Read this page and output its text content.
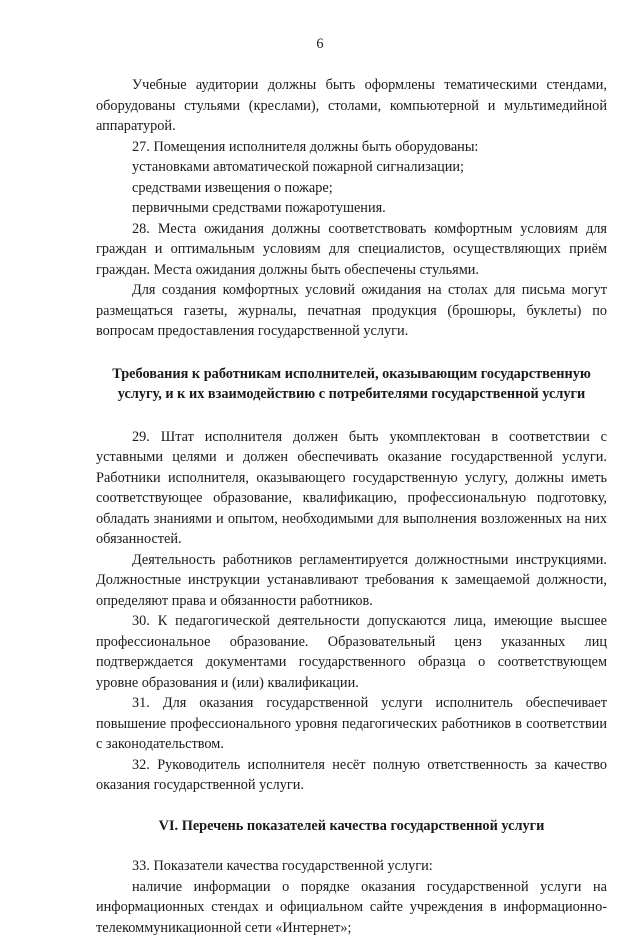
6

Учебные аудитории должны быть оформлены тематическими стендами, оборудованы стульями (креслами), столами, компьютерной и мультимедийной аппаратурой.

27. Помещения исполнителя должны быть оборудованы:

установками автоматической пожарной сигнализации;

средствами извещения о пожаре;

первичными средствами пожаротушения.

28. Места ожидания должны соответствовать комфортным условиям для граждан и оптимальным условиям для специалистов, осуществляющих приём граждан. Места ожидания должны быть обеспечены стульями.

Для создания комфортных условий ожидания на столах для письма могут размещаться газеты, журналы, печатная продукция (брошюры, буклеты) по вопросам предоставления государственной услуги.

Требования к работникам исполнителей, оказывающим государственную услугу, и к их взаимодействию с потребителями государственной услуги

29. Штат исполнителя должен быть укомплектован в соответствии с уставными целями и должен обеспечивать оказание государственной услуги. Работники исполнителя, оказывающего государственную услугу, должны иметь соответствующее образование, квалификацию, профессиональную подготовку, обладать знаниями и опытом, необходимыми для выполнения возложенных на них обязанностей.

Деятельность работников регламентируется должностными инструкциями. Должностные инструкции устанавливают требования к замещаемой должности, определяют права и обязанности работников.

30. К педагогической деятельности допускаются лица, имеющие высшее профессиональное образование. Образовательный ценз указанных лиц подтверждается документами государственного образца о соответствующем уровне образования и (или) квалификации.

31. Для оказания государственной услуги исполнитель обеспечивает повышение профессионального уровня педагогических работников в соответствии с законодательством.

32. Руководитель исполнителя несёт полную ответственность за качество оказания государственной услуги.

VI. Перечень показателей качества государственной услуги

33. Показатели качества государственной услуги:

наличие информации о порядке оказания государственной услуги на информационных стендах и официальном сайте учреждения в информационно-телекоммуникационной сети «Интернет»;
